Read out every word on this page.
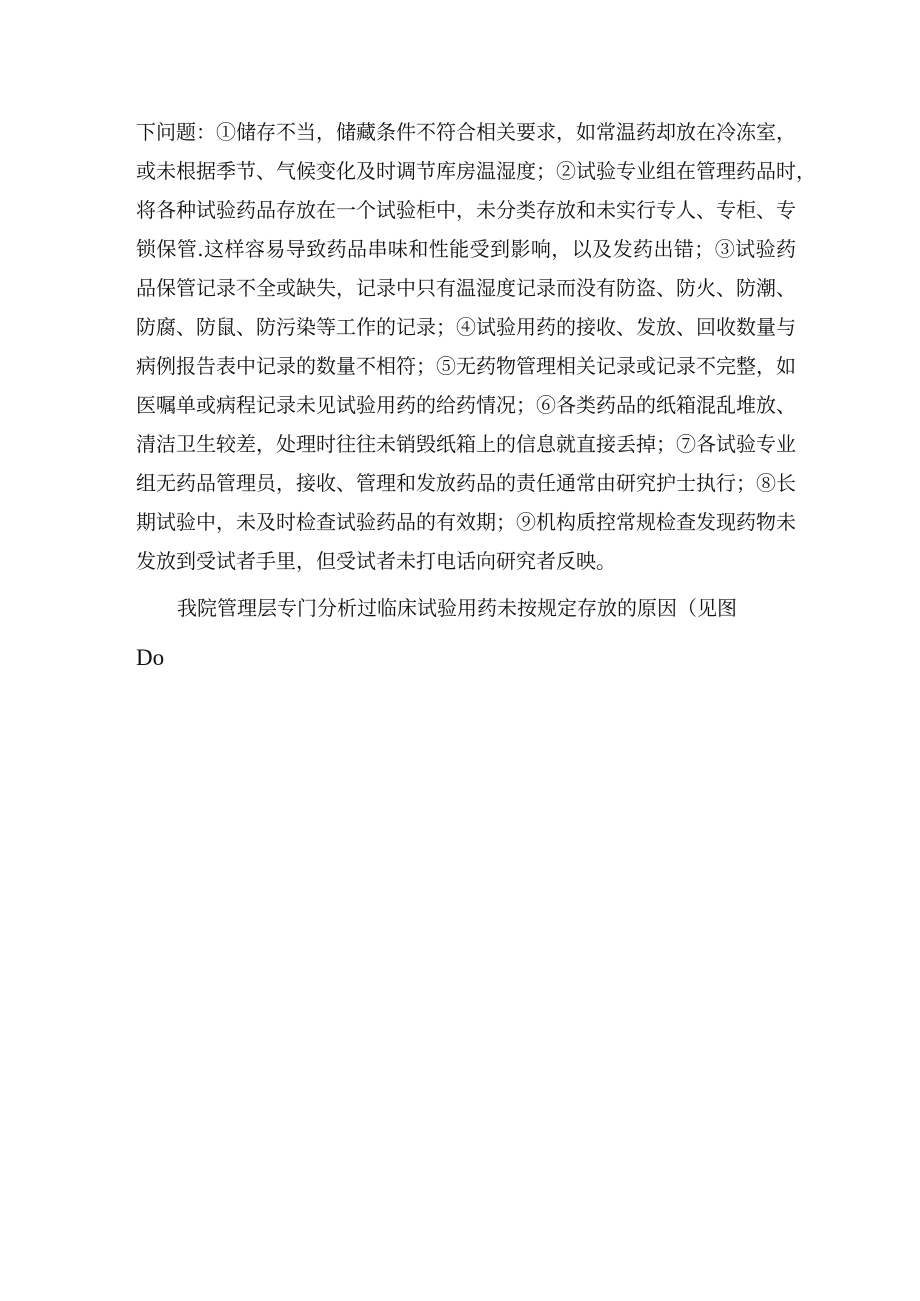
下问题：①储存不当，储藏条件不符合相关要求，如常温药却放在冷冻室，
或未根据季节、气候变化及时调节库房温湿度；②试验专业组在管理药品时，
将各种试验药品存放在一个试验柜中，未分类存放和未实行专人、专柜、专
锁保管.这样容易导致药品串味和性能受到影响，以及发药出错；③试验药
品保管记录不全或缺失，记录中只有温湿度记录而没有防盗、防火、防潮、
防腐、防鼠、防污染等工作的记录；④试验用药的接收、发放、回收数量与
病例报告表中记录的数量不相符；⑤无药物管理相关记录或记录不完整，如
医嘱单或病程记录未见试验用药的给药情况；⑥各类药品的纸箱混乱堆放、
清洁卫生较差，处理时往往未销毁纸箱上的信息就直接丢掉；⑦各试验专业
组无药品管理员，接收、管理和发放药品的责任通常由研究护士执行；⑧长
期试验中，未及时检查试验药品的有效期；⑨机构质控常规检查发现药物未
发放到受试者手里，但受试者未打电话向研究者反映。
我院管理层专门分析过临床试验用药未按规定存放的原因（见图
Do
